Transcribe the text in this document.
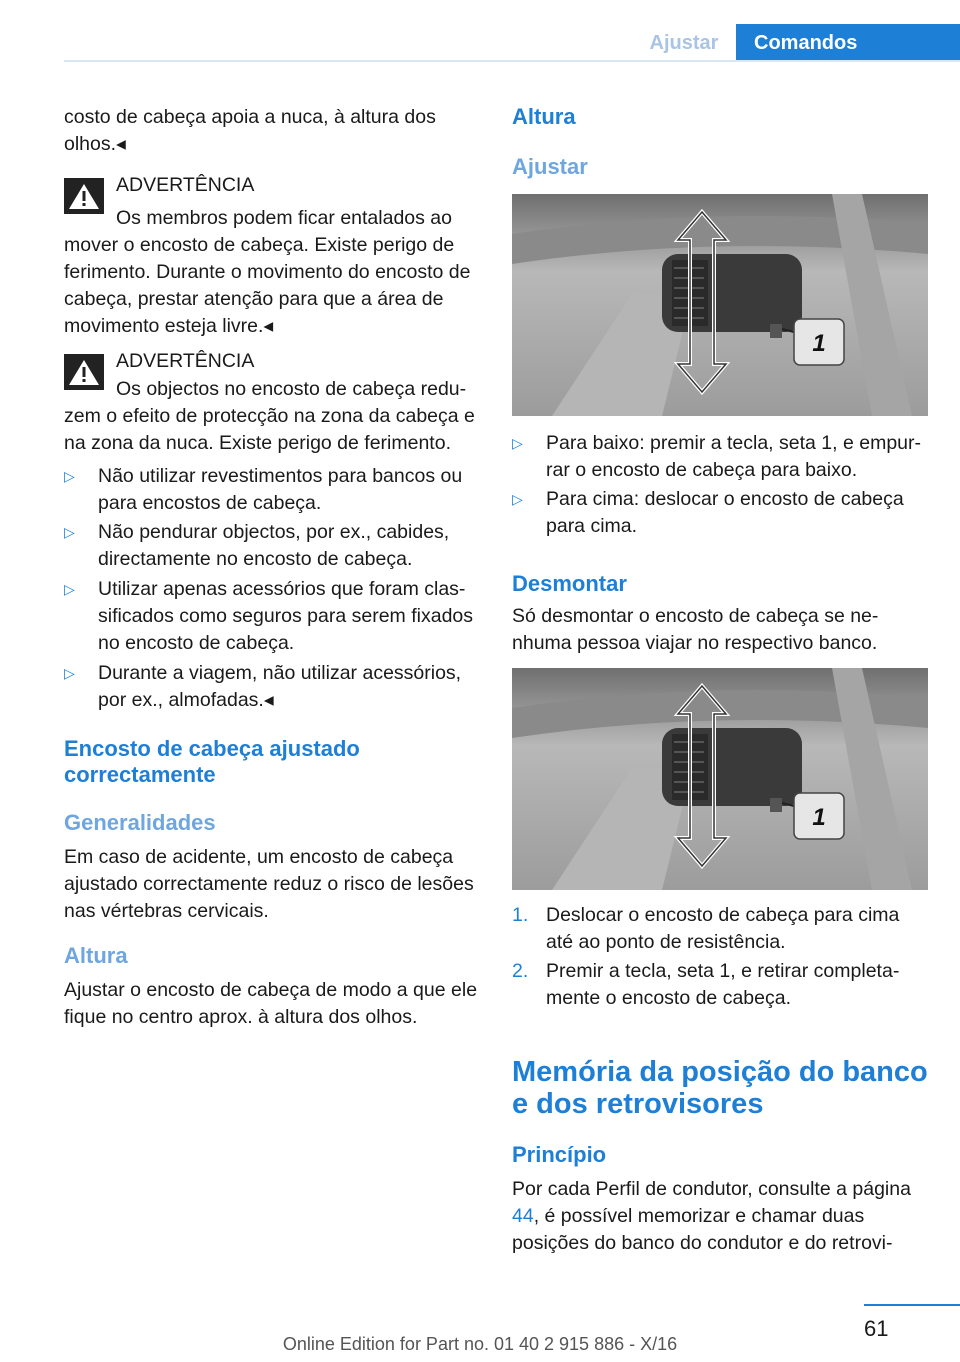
Ajustar	Comandos

costo de cabeça apoia a nuca, à altura dos olhos.◂

ADVERTÊNCIA

Os membros podem ficar entalados ao

mover o encosto de cabeça. Existe perigo de ferimento. Durante o movimento do encosto de cabeça, prestar atenção para que a área de movimento esteja livre.◂

ADVERTÊNCIA

Os objectos no encosto de cabeça redu-

zem o efeito de protecção na zona da cabeça e na zona da nuca. Existe perigo de ferimento.

▷ Não utilizar revestimentos para bancos ou para encostos de cabeça.
▷ Não pendurar objectos, por ex., cabides, directamente no encosto de cabeça.
▷ Utilizar apenas acessórios que foram classificados como seguros para serem fixados no encosto de cabeça.
▷ Durante a viagem, não utilizar acessórios, por ex., almofadas.◂
Encosto de cabeça ajustado correctamente
Generalidades

Em caso de acidente, um encosto de cabeça ajustado correctamente reduz o risco de lesões nas vértebras cervicais.

Altura

Ajustar o encosto de cabeça de modo a que ele fique no centro aprox. à altura dos olhos.

Altura
Ajustar
1
▷ Para baixo: premir a tecla, seta 1, e empurrar o encosto de cabeça para baixo.
▷ Para cima: deslocar o encosto de cabeça para cima.
Desmontar

Só desmontar o encosto de cabeça se nenhuma pessoa viajar no respectivo banco.

1
1. Deslocar o encosto de cabeça para cima até ao ponto de resistência.
2. Premir a tecla, seta 1, e retirar completamente o encosto de cabeça.
Memória da posição do banco e dos retrovisores
Princípio

Por cada Perfil de condutor, consulte a página 44, é possível memorizar e chamar duas posições do banco do condutor e do retrovi-

61
Online Edition for Part no. 01 40 2 915 886 - X/16
